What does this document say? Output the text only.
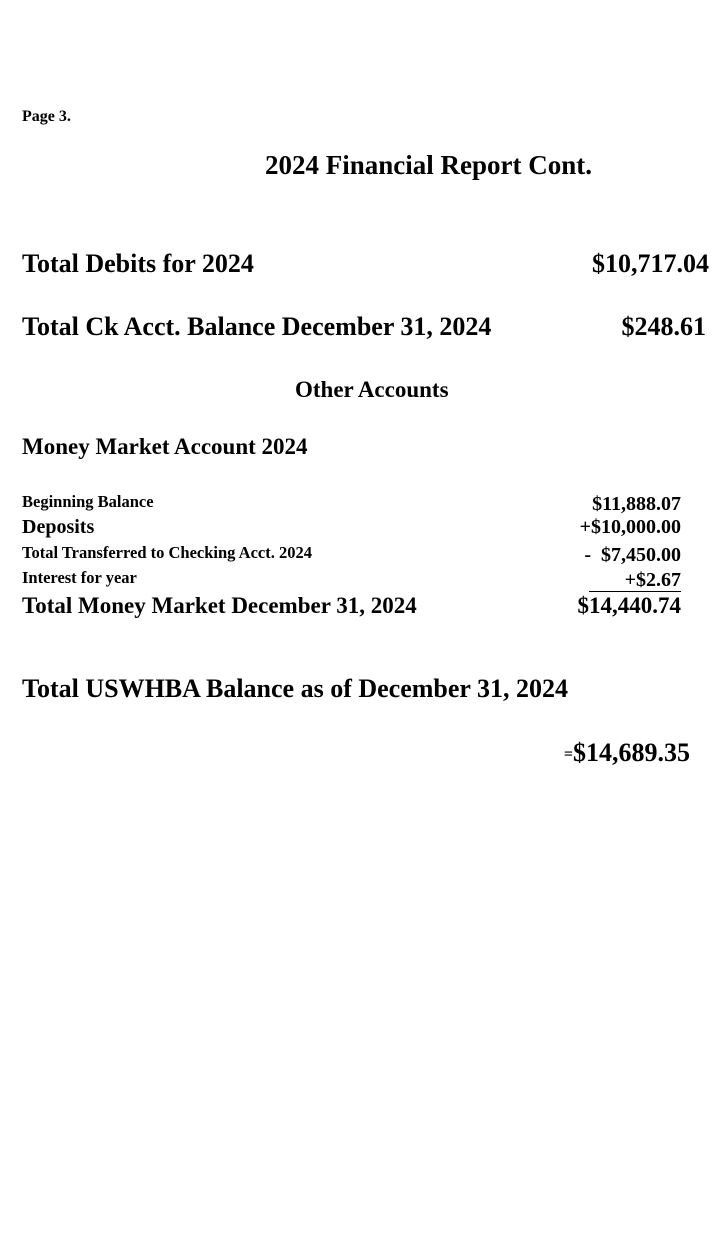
Page 3.
2024 Financial Report Cont.
Total Debits for 2024	$10,717.04
Total Ck Acct. Balance December 31, 2024	$248.61
Other Accounts
Money Market Account 2024
Beginning Balance	$11,888.07
Deposits	+$10,000.00
Total Transferred to Checking Acct. 2024	-  $7,450.00
Interest for year	+$2.67
Total Money Market December 31, 2024	$14,440.74
Total USWHBA Balance as of December 31, 2024
=$14,689.35
